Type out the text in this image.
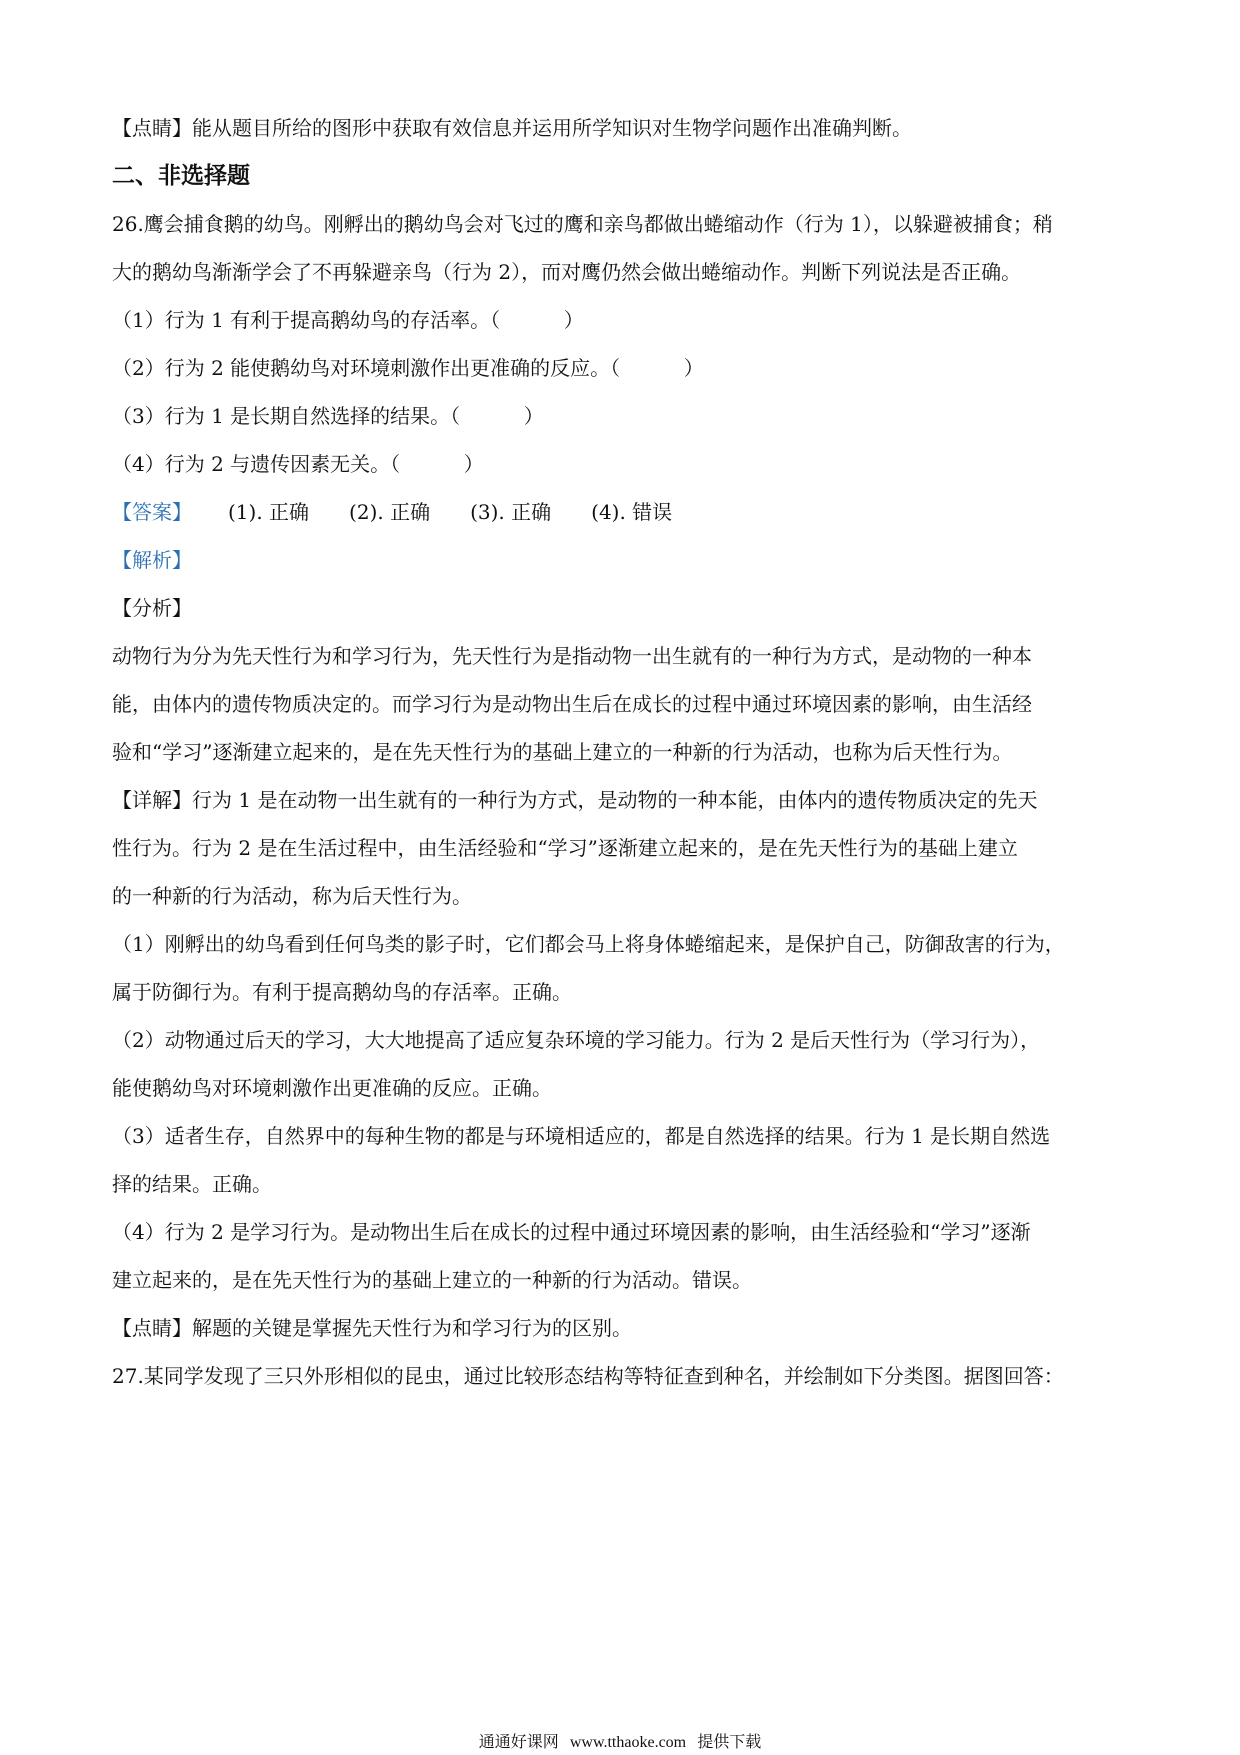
【点睛】能从题目所给的图形中获取有效信息并运用所学知识对生物学问题作出准确判断。

二、非选择题

26.鹰会捕食鹅的幼鸟。刚孵出的鹅幼鸟会对飞过的鹰和亲鸟都做出蜷缩动作（行为 1），以躲避被捕食；稍

大的鹅幼鸟渐渐学会了不再躲避亲鸟（行为 2），而对鹰仍然会做出蜷缩动作。判断下列说法是否正确。

（1）行为 1 有利于提高鹅幼鸟的存活率。（          ）

（2）行为 2 能使鹅幼鸟对环境刺激作出更准确的反应。（          ）

（3）行为 1 是长期自然选择的结果。（          ）

（4）行为 2 与遗传因素无关。（          ）

【答案】	(1). 正确 (2). 正确 (3). 正确 (4). 错误

【解析】

【分析】

动物行为分为先天性行为和学习行为，先天性行为是指动物一出生就有的一种行为方式，是动物的一种本

能，由体内的遗传物质决定的。而学习行为是动物出生后在成长的过程中通过环境因素的影响，由生活经

验和“学习”逐渐建立起来的，是在先天性行为的基础上建立的一种新的行为活动，也称为后天性行为。

【详解】行为 1 是在动物一出生就有的一种行为方式，是动物的一种本能，由体内的遗传物质决定的先天

性行为。行为 2 是在生活过程中，由生活经验和“学习”逐渐建立起来的，是在先天性行为的基础上建立

的一种新的行为活动，称为后天性行为。

（1）刚孵出的幼鸟看到任何鸟类的影子时，它们都会马上将身体蜷缩起来，是保护自己，防御敌害的行为，

属于防御行为。有利于提高鹅幼鸟的存活率。正确。

（2）动物通过后天的学习，大大地提高了适应复杂环境的学习能力。行为 2 是后天性行为（学习行为），

能使鹅幼鸟对环境刺激作出更准确的反应。正确。

（3）适者生存，自然界中的每种生物的都是与环境相适应的，都是自然选择的结果。行为 1 是长期自然选

择的结果。正确。

（4）行为 2 是学习行为。是动物出生后在成长的过程中通过环境因素的影响，由生活经验和“学习”逐渐

建立起来的，是在先天性行为的基础上建立的一种新的行为活动。错误。

【点睛】解题的关键是掌握先天性行为和学习行为的区别。

27.某同学发现了三只外形相似的昆虫，通过比较形态结构等特征查到种名，并绘制如下分类图。据图回答：

通通好课网 www.tthaoke.com 提供下载
